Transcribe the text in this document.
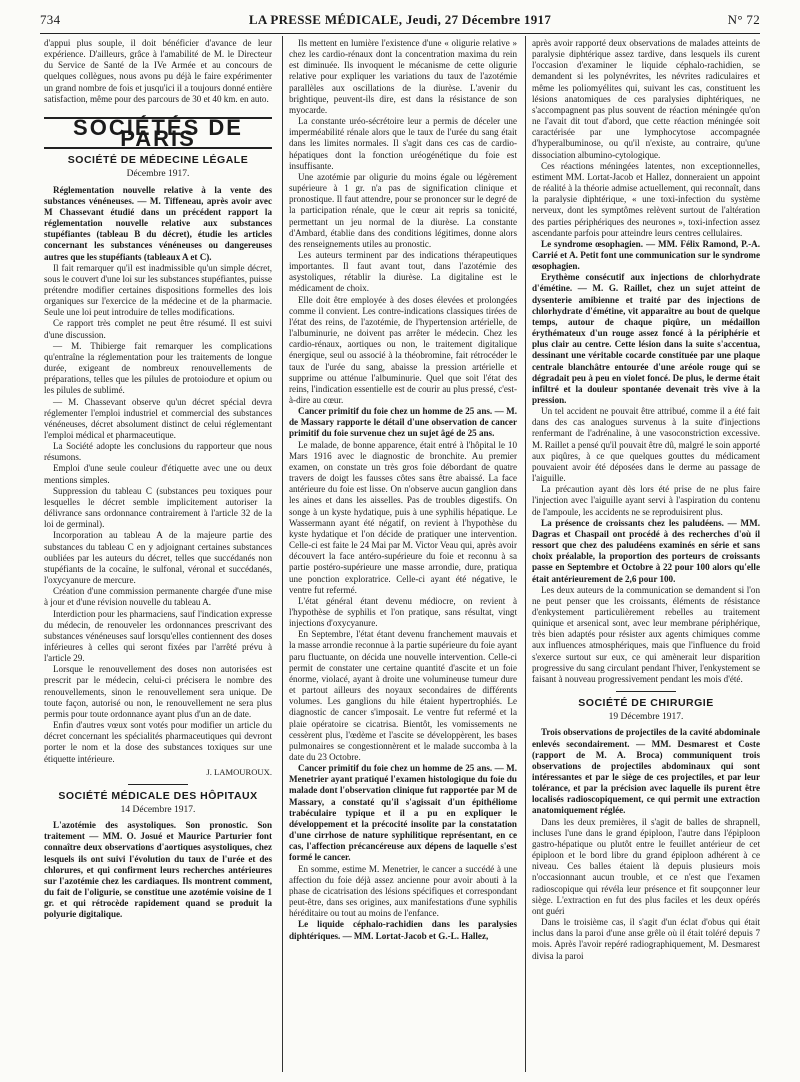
734	LA PRESSE MÉDICALE, Jeudi, 27 Décembre 1917	N° 72

d'appui plus souple, il doit bénéficier d'avance de leur expérience. D'ailleurs, grâce à l'amabilité de M. le Directeur du Service de Santé de la IVe Armée et au concours de quelques collègues, nous avons pu déjà le faire expérimenter un grand nombre de fois et jusqu'ici il a toujours donné entière satisfaction, même pour des parcours de 30 et 40 km. en auto.

SOCIÉTÉS DE PARIS
SOCIÉTÉ DE MÉDECINE LÉGALE
Décembre 1917.

Réglementation nouvelle relative à la vente des substances vénéneuses. — M. Tiffeneau, après avoir avec M Chassevant étudié dans un précédent rapport la réglementation nouvelle relative aux substances stupéfiantes (tableau B du décret), étudie les articles concernant les substances vénéneuses ou dangereuses autres que les stupéfiants (tableaux A et C).

Il fait remarquer qu'il est inadmissible qu'un simple décret, sous le couvert d'une loi sur les substances stupéfiantes, puisse prétendre modifier certaines dispositions formelles des lois organiques sur l'exercice de la médecine et de la pharmacie. Seule une loi peut introduire de telles modifications.

Ce rapport très complet ne peut être résumé. Il est suivi d'une discussion.

— M. Thibierge fait remarquer les complications qu'entraîne la réglementation pour les traitements de longue durée, exigeant de nombreux renouvellements de préparations, telles que les pilules de protoiodure et opium ou les pilules de sublimé.

— M. Chassevant observe qu'un décret spécial devra réglementer l'emploi industriel et commercial des substances vénéneuses, décret absolument distinct de celui réglementant l'emploi médical et pharmaceutique.

La Société adopte les conclusions du rapporteur que nous résumons.

Emploi d'une seule couleur d'étiquette avec une ou deux mentions simples.

Suppression du tableau C (substances peu toxiques pour lesquelles le décret semble implicitement autoriser la délivrance sans ordonnance contrairement à l'article 32 de la loi de germinal).

Incorporation au tableau A de la majeure partie des substances du tableau C en y adjoignant certaines substances oubliées par les auteurs du décret, telles que succédanés non stupéfiants de la cocaïne, le sulfonal, véronal et succédanés, l'oxycyanure de mercure.

Création d'une commission permanente chargée d'une mise à jour et d'une révision nouvelle du tableau A.

Interdiction pour les pharmaciens, sauf l'indication expresse du médecin, de renouveler les ordonnances prescrivant des substances vénéneuses sauf lorsqu'elles contiennent des doses inférieures à celles qui seront fixées par l'arrêté prévu à l'article 29.

Lorsque le renouvellement des doses non autorisées est prescrit par le médecin, celui-ci précisera le nombre des renouvellements, sinon le renouvellement sera unique. De toute façon, autorisé ou non, le renouvellement ne sera plus permis pour toute ordonnance ayant plus d'un an de date.

Enfin d'autres vœux sont votés pour modifier un article du décret concernant les spécialités pharmaceutiques qui devront porter le nom et la dose des substances toxiques sur une étiquette intérieure.

J. LAMOUROUX.
SOCIÉTÉ MÉDICALE DES HÔPITAUX
14 Décembre 1917.

L'azotémie des asystoliques. Son pronostic. Son traitement — MM. O. Josué et Maurice Parturier font connaître deux observations d'aortiques asystoliques, chez lesquels ils ont suivi l'évolution du taux de l'urée et des chlorures, et qui confirment leurs recherches antérieures sur l'azotémie chez les cardiaques. Ils montrent comment, du fait de l'oligurie, se constitue une azotémie voisine de 1 gr. et qui rétrocède rapidement quand se produit la polyurie digitalique.

Ils mettent en lumière l'existence d'une « oligurie relative » chez les cardio-rénaux dont la concentration maxima du rein est diminuée. Ils invoquent le mécanisme de cette oligurie relative pour expliquer les variations du taux de l'azotémie parallèles aux oscillations de la diurèse. L'avenir du brightique, peuvent-ils dire, est dans la résistance de son myocarde.

La constante uréo-sécrétoire leur a permis de déceler une imperméabilité rénale alors que le taux de l'urée du sang était dans les limites normales. Il s'agit dans ces cas de cardio-hépatiques dont la fonction uréogénétique du foie est insuffisante.

Une azotémie par oligurie du moins égale ou légèrement supérieure à 1 gr. n'a pas de signification clinique et pronostique. Il faut attendre, pour se prononcer sur le degré de la participation rénale, que le cœur ait repris sa tonicité, permettant un jeu normal de la diurèse. La constante d'Ambard, établie dans des conditions légitimes, donne alors des renseignements utiles au pronostic.

Les auteurs terminent par des indications thérapeutiques importantes. Il faut avant tout, dans l'azotémie des asystoliques, rétablir la diurèse. La digitaline est le médicament de choix.

Elle doit être employée à des doses élevées et prolongées comme il convient. Les contre-indications classiques tirées de l'état des reins, de l'azotémie, de l'hypertension artérielle, de l'albuminurie, ne doivent pas arrêter le médecin. Chez les cardio-rénaux, aortiques ou non, le traitement digitalique énergique, seul ou associé à la théobromine, fait rétrocéder le taux de l'urée du sang, abaisse la pression artérielle et supprime ou atténue l'albuminurie. Quel que soit l'état des reins, l'indication essentielle est de courir au plus pressé, c'est-à-dire au cœur.

Cancer primitif du foie chez un homme de 25 ans. — M. de Massary rapporte le détail d'une observation de cancer primitif du foie survenue chez un sujet âgé de 25 ans.

Le malade, de bonne apparence, était entré à l'hôpital le 10 Mars 1916 avec le diagnostic de bronchite. Au premier examen, on constate un très gros foie débordant de quatre travers de doigt les fausses côtes sans être abaissé. La face antérieure du foie est lisse. On n'observe aucun ganglion dans les aines et dans les aisselles. Pas de troubles digestifs. On songe à un kyste hydatique, puis à une syphilis hépatique. Le Wassermann ayant été négatif, on revient à l'hypothèse du kyste hydatique et l'on décide de pratiquer une intervention. Celle-ci est faite le 24 Mai par M. Victor Veau qui, après avoir découvert la face antéro-supérieure du foie et reconnu à sa partie postéro-supérieure une masse arrondie, dure, pratiqua une ponction exploratrice. Celle-ci ayant été négative, le ventre fut refermé.

L'état général étant devenu médiocre, on revient à l'hypothèse de syphilis et l'on pratique, sans résultat, vingt injections d'oxycyanure.

En Septembre, l'état étant devenu franchement mauvais et la masse arrondie reconnue à la partie supérieure du foie ayant paru fluctuante, on décida une nouvelle intervention. Celle-ci permit de constater une certaine quantité d'ascite et un foie énorme, violacé, ayant à droite une volumineuse tumeur dure et partout ailleurs des noyaux secondaires de différents volumes. Les ganglions du hile étaient hypertrophiés. Le diagnostic de cancer s'imposait. Le ventre fut refermé et la plaie opératoire se cicatrisa. Bientôt, les vomissements ne cessèrent plus, l'œdème et l'ascite se développèrent, les bases pulmonaires se congestionnèrent et le malade succomba à la date du 23 Octobre.

Cancer primitif du foie chez un homme de 25 ans. — M. Menetrier ayant pratiqué l'examen histologique du foie du malade dont l'observation clinique fut rapportée par M de Massary, a constaté qu'il s'agissait d'un épithéliome trabéculaire typique et il a pu en expliquer le développement et la précocité insolite par la constatation d'une cirrhose de nature syphilitique représentant, en ce cas, l'affection précancéreuse aux dépens de laquelle s'est formé le cancer.

En somme, estime M. Menetrier, le cancer a succédé à une affection du foie déjà assez ancienne pour avoir abouti à la phase de cicatrisation des lésions spécifiques et correspondant peut-être, dans ses origines, aux manifestations d'une syphilis héréditaire ou tout au moins de l'enfance.

Le liquide céphalo-rachidien dans les paralysies diphtériques. — MM. Lortat-Jacob et G.-L. Hallez,

après avoir rapporté deux observations de malades atteints de paralysie diphtérique assez tardive, dans lesquels ils curent l'occasion d'examiner le liquide céphalo-rachidien, se demandent si les polynévrites, les névrites radiculaires et même les poliomyélites qui, suivant les cas, constituent les lésions anatomiques de ces paralysies diphtériques, ne s'accompagnent pas plus souvent de réaction méningée qu'on ne l'avait dit tout d'abord, que cette réaction méningée soit caractérisée par une lymphocytose accompagnée d'hyperalbuminose, ou qu'il n'existe, au contraire, qu'une dissociation albumino-cytologique.

Ces réactions méningées latentes, non exceptionnelles, estiment MM. Lortat-Jacob et Hallez, donneraient un appoint de réalité à la théorie admise actuellement, qui reconnaît, dans la paralysie diphtérique, « une toxi-infection du système nerveux, dont les symptômes relèvent surtout de l'altération des parties périphériques des neurones », toxi-infection assez ascendante parfois pour atteindre leurs centres cellulaires.

Le syndrome œsophagien. — MM. Félix Ramond, P.-A. Carrié et A. Petit font une communication sur le syndrome œsophagien.

Erythème consécutif aux injections de chlorhydrate d'émétine. — M. G. Raillet, chez un sujet atteint de dysenterie amibienne et traité par des injections de chlorhydrate d'émétine, vit apparaître au bout de quelque temps, autour de chaque piqûre, un médaillon érythémateux d'un rouge assez foncé à la périphérie et plus clair au centre. Cette lésion dans la suite s'accentua, dessinant une véritable cocarde constituée par une plaque centrale blanchâtre entourée d'une aréole rouge qui se dégradait peu à peu en violet foncé. De plus, le derme était infiltré et la douleur spontanée devenait très vive à la pression.

Un tel accident ne pouvait être attribué, comme il a été fait dans des cas analogues survenus à la suite d'injections renfermant de l'adrénaline, à une vasoconstriction excessive. M. Raillet a pensé qu'il pouvait être dû, malgré le soin apporté aux piqûres, à ce que quelques gouttes du médicament pouvaient avoir été déposées dans le derme au passage de l'aiguille.

La précaution ayant dès lors été prise de ne plus faire l'injection avec l'aiguille ayant servi à l'aspiration du contenu de l'ampoule, les accidents ne se reproduisirent plus.

La présence de croissants chez les paludéens. — MM. Dagras et Chaspail ont procédé à des recherches d'où il ressort que chez des paludéens examinés en série et sans choix préalable, la proportion des porteurs de croissants passe en Septembre et Octobre à 22 pour 100 alors qu'elle était antérieurement de 2,6 pour 100.

Les deux auteurs de la communication se demandent si l'on ne peut penser que les croissants, éléments de résistance d'enkystement particulièrement rebelles au traitement quinique et arsenical sont, avec leur membrane périphérique, très bien adaptés pour résister aux agents chimiques comme aux influences atmosphériques, mais que l'influence du froid s'exerce surtout sur eux, ce qui amènerait leur disparition progressive du sang circulant pendant l'hiver, l'enkystement se faisant à nouveau progressivement pendant les mois d'été.

SOCIÉTÉ DE CHIRURGIE
19 Décembre 1917.

Trois observations de projectiles de la cavité abdominale enlevés secondairement. — MM. Desmarest et Coste (rapport de M. A. Broca) communiquent trois observations de projectiles abdominaux qui sont intéressantes et par le siège de ces projectiles, et par leur tolérance, et par la précision avec laquelle ils purent être localisés radioscopiquement, ce qui permit une extraction anatomiquement réglée.

Dans les deux premières, il s'agit de balles de shrapnell, incluses l'une dans le grand épiploon, l'autre dans l'épiploon gastro-hépatique ou plutôt entre le feuillet antérieur de cet épiploon et le bord libre du grand épiploon adhérent à ce niveau. Ces balles étaient là depuis plusieurs mois n'occasionnant aucun trouble, et ce n'est que l'examen radioscopique qui révéla leur présence et fit soupçonner leur siège. L'extraction en fut des plus faciles et les deux opérés ont guéri

Dans le troisième cas, il s'agit d'un éclat d'obus qui était inclus dans la paroi d'une anse grêle où il était toléré depuis 7 mois. Après l'avoir repéré radiographiquement, M. Desmarest divisa la paroi
